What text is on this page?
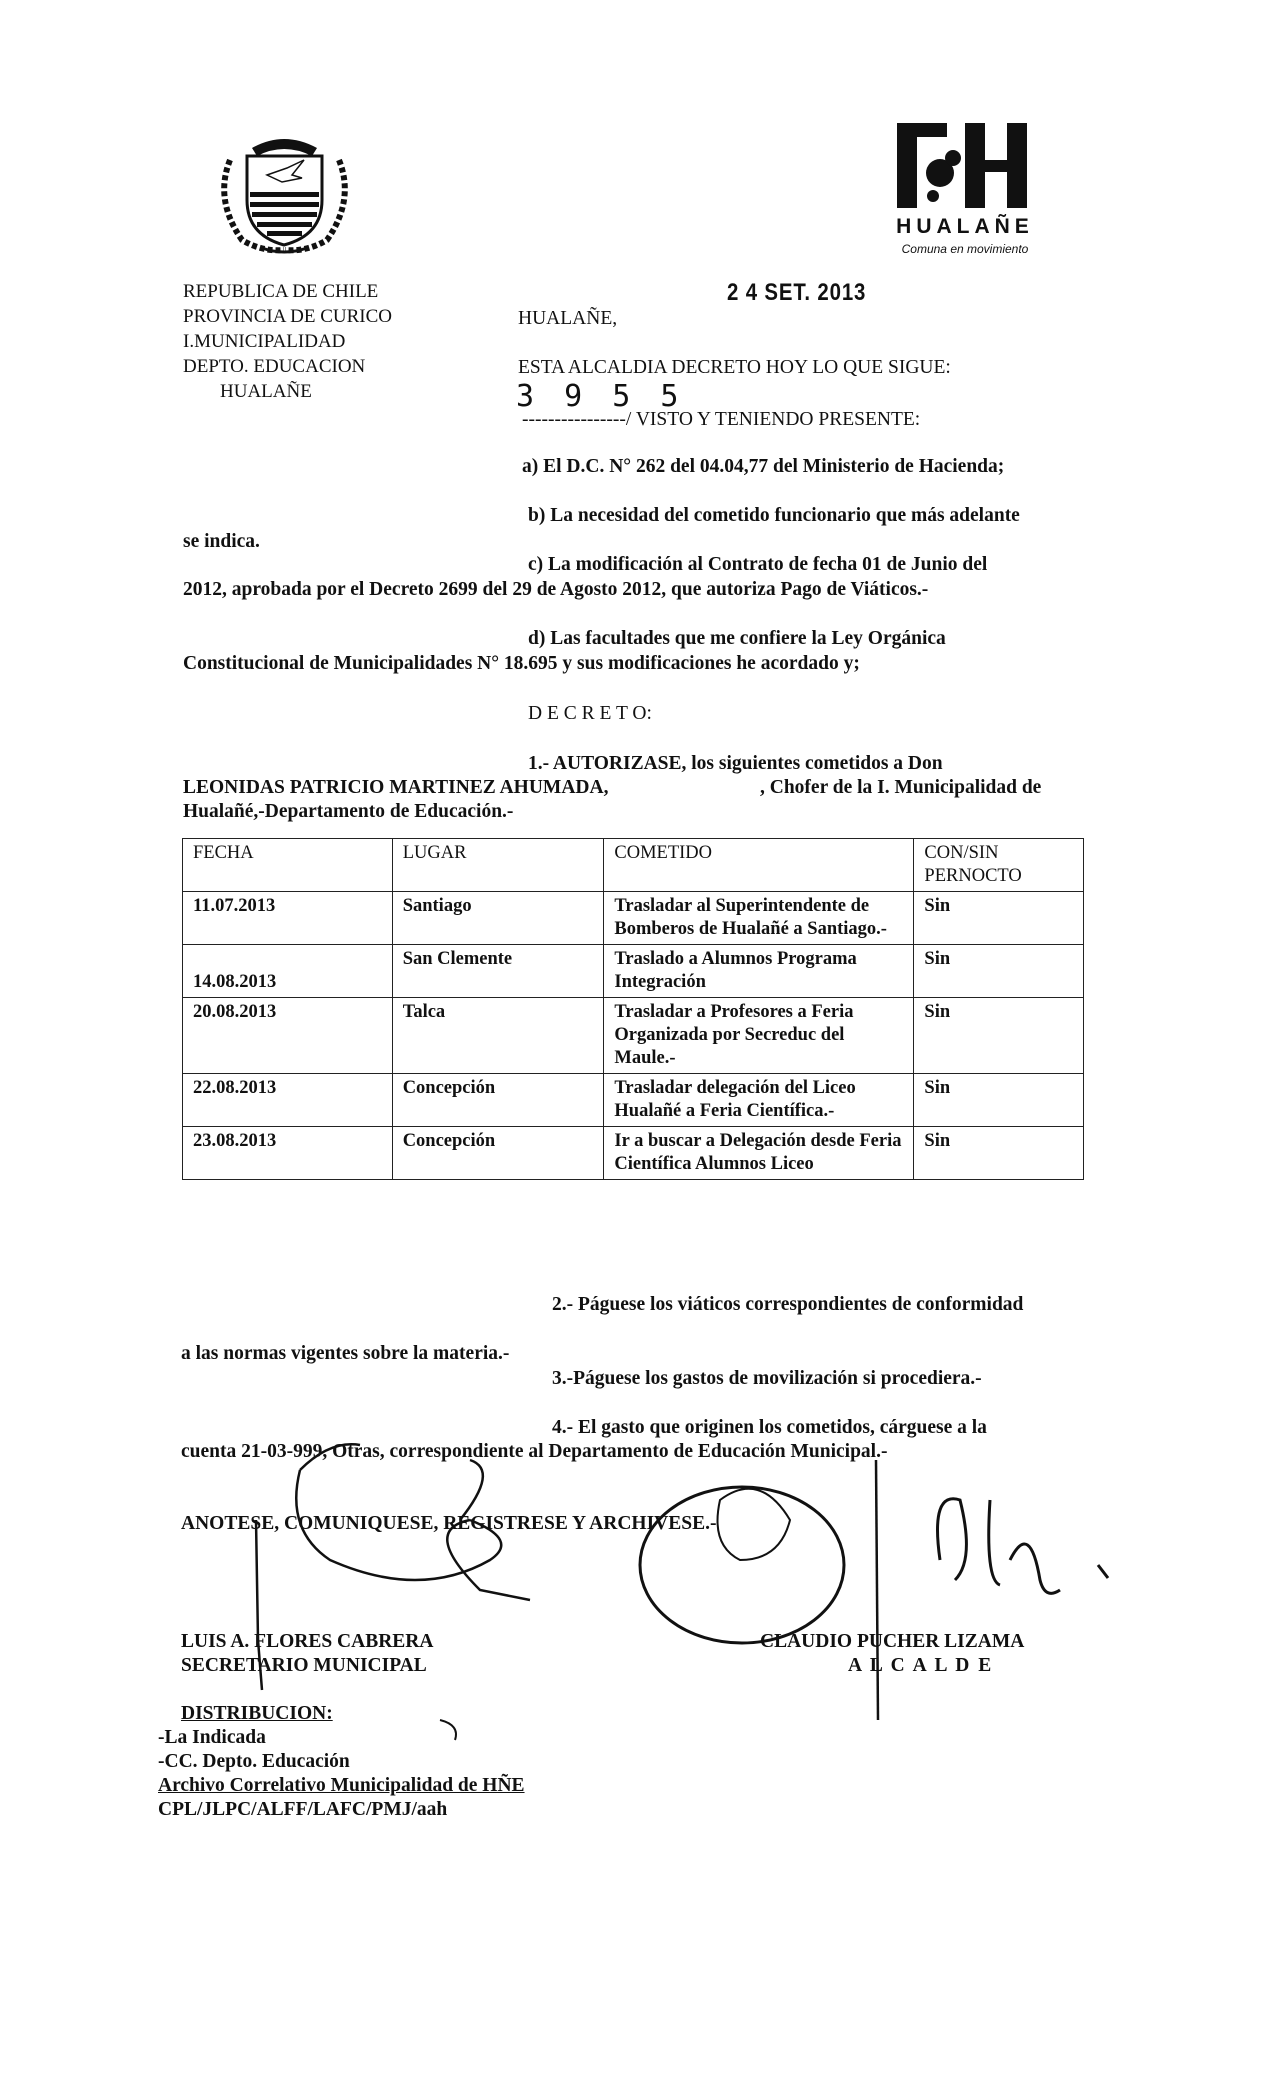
HUALAÑE
Comuna en movimiento
REPUBLICA DE CHILE
PROVINCIA DE CURICO
I.MUNICIPALIDAD
DEPTO. EDUCACION
HUALAÑE
2 4 SET. 2013
HUALAÑE,
ESTA ALCALDIA DECRETO HOY LO QUE SIGUE:
3 9 5 5
----------------/ VISTO Y TENIENDO PRESENTE:
a) El D.C. N° 262 del 04.04,77 del Ministerio de Hacienda;
b) La necesidad del cometido funcionario que más adelante
se indica.
c) La modificación al Contrato de fecha 01 de Junio del
2012, aprobada por el Decreto 2699 del 29 de Agosto 2012, que autoriza Pago de Viáticos.-
d) Las facultades que me confiere la Ley Orgánica
Constitucional de Municipalidades N° 18.695 y sus modificaciones he acordado y;
D E C R E T O:
1.- AUTORIZASE, los siguientes cometidos a Don
LEONIDAS PATRICIO MARTINEZ AHUMADA,	, Chofer de la I. Municipalidad de
Hualañé,-Departamento de Educación.-
FECHA	LUGAR	COMETIDO	CON/SIN PERNOCTO
11.07.2013	Santiago	Trasladar al Superintendente de Bomberos de Hualañé a Santiago.-	Sin
14.08.2013	San Clemente	Traslado a Alumnos Programa Integración	Sin
20.08.2013	Talca	Trasladar a Profesores a Feria Organizada por Secreduc del Maule.-	Sin
22.08.2013	Concepción	Trasladar delegación del Liceo Hualañé a Feria Científica.-	Sin
23.08.2013	Concepción	Ir a buscar a Delegación desde Feria Científica Alumnos Liceo	Sin
2.- Páguese los viáticos correspondientes de conformidad
a las normas vigentes sobre la materia.-
3.-Páguese los gastos de movilización si procediera.-
4.- El gasto que originen los cometidos, cárguese a la
cuenta 21-03-999, Otras, correspondiente al Departamento de Educación Municipal.-
ANOTESE, COMUNIQUESE, REGISTRESE Y ARCHIVESE.-
LUIS A. FLORES CABRERA
SECRETARIO MUNICIPAL
CLAUDIO PUCHER LIZAMA
A L C A L D E
DISTRIBUCION:
-La Indicada
-CC. Depto. Educación
Archivo Correlativo Municipalidad de HÑE
CPL/JLPC/ALFF/LAFC/PMJ/aah
